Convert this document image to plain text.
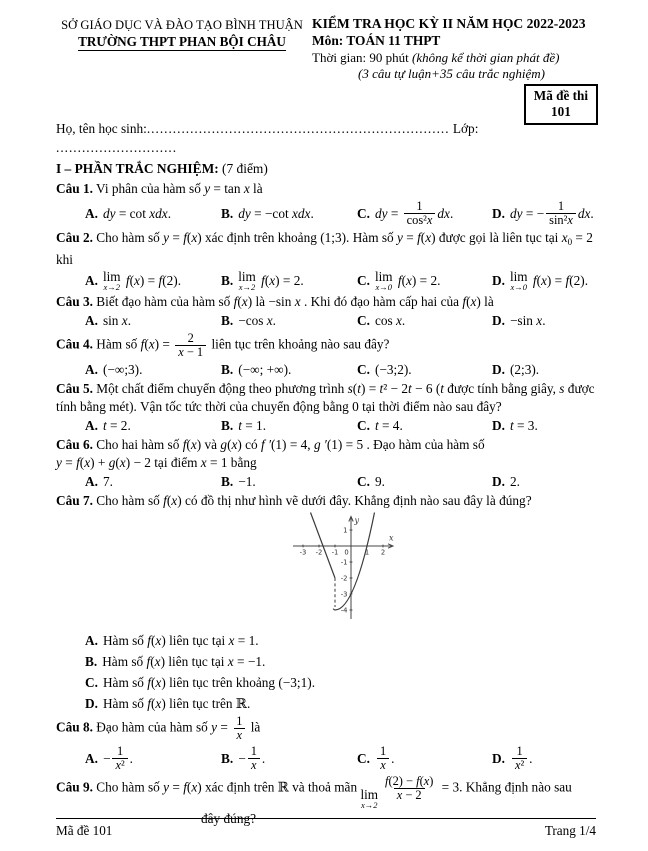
SỞ GIÁO DỤC VÀ ĐÀO TẠO BÌNH THUẬN
TRƯỜNG THPT PHAN BỘI CHÂU
KIỂM TRA HỌC KỲ II NĂM HỌC 2022-2023
Môn: TOÁN 11 THPT
Thời gian: 90 phút (không kể thời gian phát đề)
(3 câu tự luận+35 câu trắc nghiệm)
Mã đề thi
101
Họ, tên học sinh:...................................................................... Lớp: ............................
I – PHẦN TRẮC NGHIỆM: (7 điểm)
Câu 1. Vi phân của hàm số y = tan x là
A. dy = cot xdx .	B. dy = −cot xdx .	C. dy = $\frac{1}{\text{cos²x}}$ dx .	D. dy = − $\frac{1}{\text{sin²x}}$ dx .
Câu 2. Cho hàm số y = f(x) xác định trên khoảng (1;3). Hàm số y = f(x) được gọi là liên tục tại $x_0 = 2$
khi
A. lim
x→2 f ( x ) = f (2).	B. lim
x→2 f ( x ) = 2.	C. lim
x→0 f ( x ) = 2.	D. lim
x→0 f ( x ) = f (2).
Câu 3. Biết đạo hàm của hàm số f(x) là −sin x . Khi đó đạo hàm cấp hai của f(x) là
A. sin x .	B. −cos x .	C. cos x .	D. −sin x .
Câu 4. Hàm số $f(x) = \frac{2}{x - 1}$ liên tục trên khoảng nào sau đây?
A. (−∞;3).	B. (−∞; +∞).	C. (−3;2).	D. (2;3).
Câu 5. Một chất điểm chuyển động theo phương trình s(t) = t² − 2t − 6 (t được tính bằng giây, s được
tính bằng mét). Vận tốc tức thời của chuyển động bằng 0 tại thời điểm nào sau đây?
A. t = 2.	B. t = 1.	C. t = 4.	D. t = 3.
Câu 6. Cho hai hàm số f(x) và g(x) có f ′(1) = 4, g ′(1) = 5 . Đạo hàm của hàm số
y = f(x) + g(x) − 2 tại điểm x = 1 bằng
A. 7.	B. −1.	C. 9.	D. 2.
Câu 7. Cho hàm số f(x) có đồ thị như hình vẽ dưới đây. Khẳng định nào sau đây là đúng?
-3 -2 -1 0 1 2
1
-1
-2
-3
-4
x
y
A. Hàm số f ( x ) liên tục tại x = 1.
B. Hàm số f ( x ) liên tục tại x = −1.
C. Hàm số f ( x ) liên tục trên khoảng (−3;1).
D. Hàm số f ( x ) liên tục trên ℝ.
Câu 8. Đạo hàm của hàm số $y = \frac{1}{x}$ là
A. − $\frac{1}{\text{x²}}$ .	B. − $\frac{1}{x}$ .	C. $\frac{1}{x}$ .	D. $\frac{1}{\text{x²}}$ .
Câu 9. Cho hàm số y = f(x) xác định trên ℝ và thoả mãn lim
x→2
$\frac{f(2) - f(x)}{x - 2} = 3$. Khẳng định nào sau
đây đúng?
Mã đề 101	Trang 1/4
